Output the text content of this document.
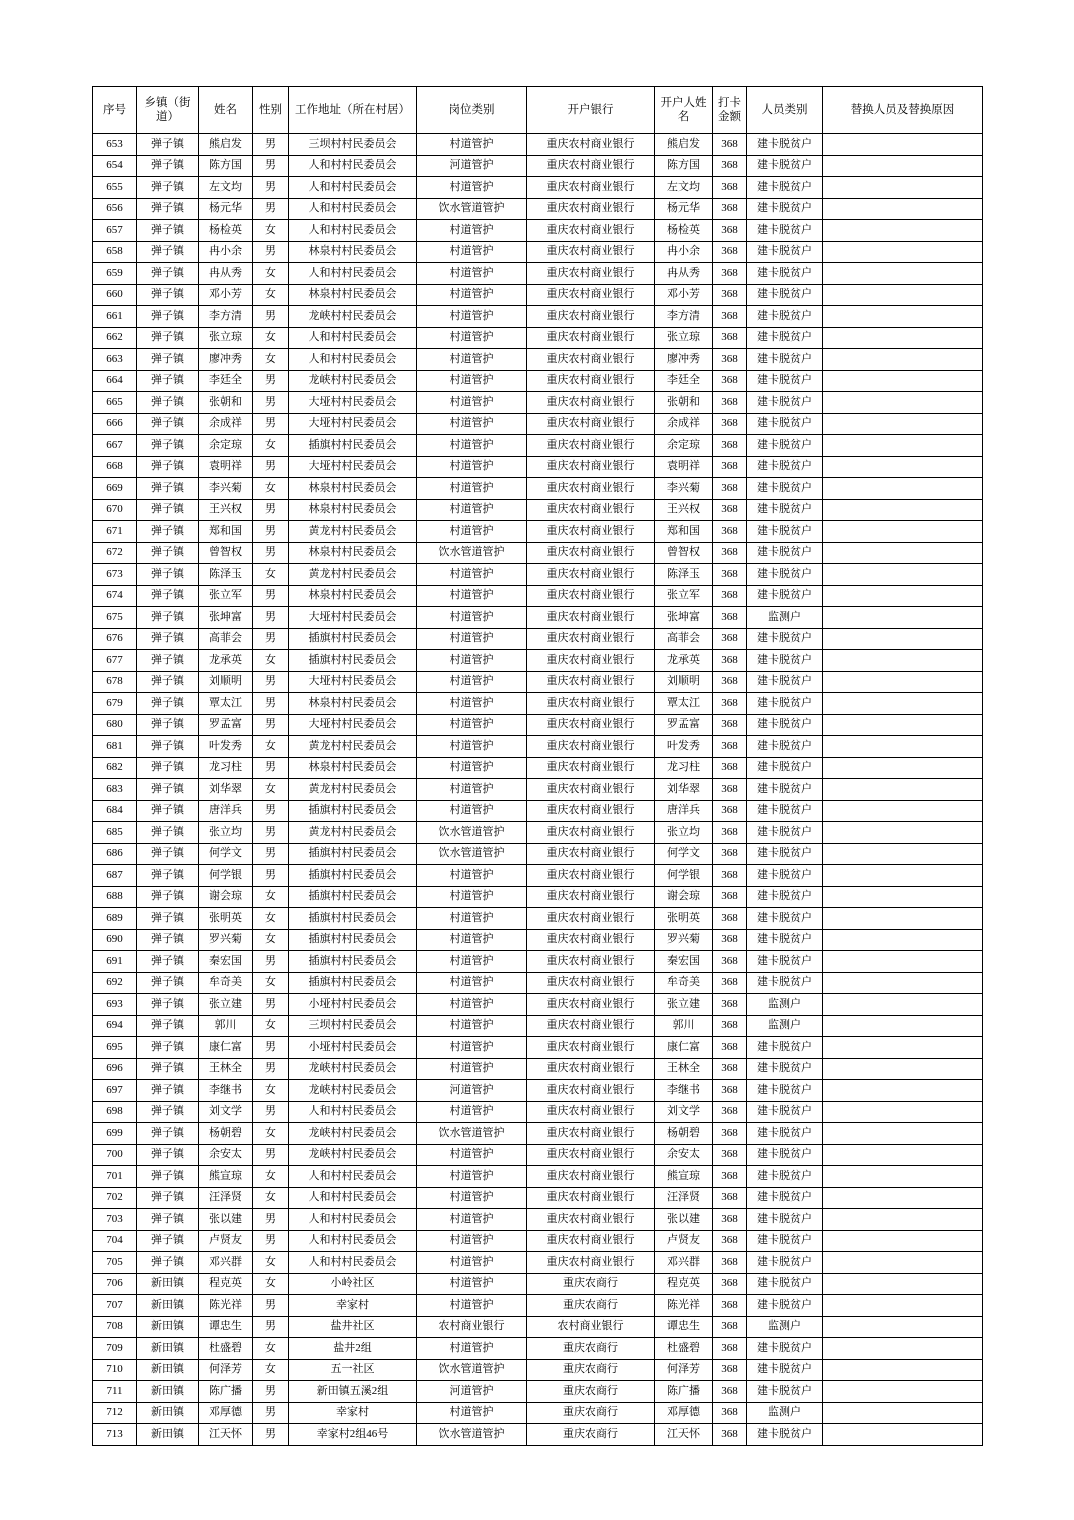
序号	乡镇（街道）	姓名	性别	工作地址（所在村居）	岗位类别	开户银行	开户人姓名	打卡金额	人员类别	替换人员及替换原因
653	弹子镇	熊启发	男	三坝村村民委员会	村道管护	重庆农村商业银行	熊启发	368	建卡脱贫户	
654	弹子镇	陈方国	男	人和村村民委员会	河道管护	重庆农村商业银行	陈方国	368	建卡脱贫户	
655	弹子镇	左文均	男	人和村村民委员会	村道管护	重庆农村商业银行	左文均	368	建卡脱贫户	
656	弹子镇	杨元华	男	人和村村民委员会	饮水管道管护	重庆农村商业银行	杨元华	368	建卡脱贫户	
657	弹子镇	杨检英	女	人和村村民委员会	村道管护	重庆农村商业银行	杨检英	368	建卡脱贫户	
658	弹子镇	冉小余	男	林泉村村民委员会	村道管护	重庆农村商业银行	冉小余	368	建卡脱贫户	
659	弹子镇	冉从秀	女	人和村村民委员会	村道管护	重庆农村商业银行	冉从秀	368	建卡脱贫户	
660	弹子镇	邓小芳	女	林泉村村民委员会	村道管护	重庆农村商业银行	邓小芳	368	建卡脱贫户	
661	弹子镇	李方清	男	龙峡村村民委员会	村道管护	重庆农村商业银行	李方清	368	建卡脱贫户	
662	弹子镇	张立琼	女	人和村村民委员会	村道管护	重庆农村商业银行	张立琼	368	建卡脱贫户	
663	弹子镇	廖冲秀	女	人和村村民委员会	村道管护	重庆农村商业银行	廖冲秀	368	建卡脱贫户	
664	弹子镇	李廷全	男	龙峡村村民委员会	村道管护	重庆农村商业银行	李廷全	368	建卡脱贫户	
665	弹子镇	张朝和	男	大垭村村民委员会	村道管护	重庆农村商业银行	张朝和	368	建卡脱贫户	
666	弹子镇	余成祥	男	大垭村村民委员会	村道管护	重庆农村商业银行	余成祥	368	建卡脱贫户	
667	弹子镇	余定琼	女	插旗村村民委员会	村道管护	重庆农村商业银行	余定琼	368	建卡脱贫户	
668	弹子镇	袁明祥	男	大垭村村民委员会	村道管护	重庆农村商业银行	袁明祥	368	建卡脱贫户	
669	弹子镇	李兴菊	女	林泉村村民委员会	村道管护	重庆农村商业银行	李兴菊	368	建卡脱贫户	
670	弹子镇	王兴权	男	林泉村村民委员会	村道管护	重庆农村商业银行	王兴权	368	建卡脱贫户	
671	弹子镇	郑和国	男	黄龙村村民委员会	村道管护	重庆农村商业银行	郑和国	368	建卡脱贫户	
672	弹子镇	曾智权	男	林泉村村民委员会	饮水管道管护	重庆农村商业银行	曾智权	368	建卡脱贫户	
673	弹子镇	陈泽玉	女	黄龙村村民委员会	村道管护	重庆农村商业银行	陈泽玉	368	建卡脱贫户	
674	弹子镇	张立军	男	林泉村村民委员会	村道管护	重庆农村商业银行	张立军	368	建卡脱贫户	
675	弹子镇	张坤富	男	大垭村村民委员会	村道管护	重庆农村商业银行	张坤富	368	监测户	
676	弹子镇	高菲会	男	插旗村村民委员会	村道管护	重庆农村商业银行	高菲会	368	建卡脱贫户	
677	弹子镇	龙承英	女	插旗村村民委员会	村道管护	重庆农村商业银行	龙承英	368	建卡脱贫户	
678	弹子镇	刘顺明	男	大垭村村民委员会	村道管护	重庆农村商业银行	刘顺明	368	建卡脱贫户	
679	弹子镇	覃太江	男	林泉村村民委员会	村道管护	重庆农村商业银行	覃太江	368	建卡脱贫户	
680	弹子镇	罗孟富	男	大垭村村民委员会	村道管护	重庆农村商业银行	罗孟富	368	建卡脱贫户	
681	弹子镇	叶发秀	女	黄龙村村民委员会	村道管护	重庆农村商业银行	叶发秀	368	建卡脱贫户	
682	弹子镇	龙习柱	男	林泉村村民委员会	村道管护	重庆农村商业银行	龙习柱	368	建卡脱贫户	
683	弹子镇	刘华翠	女	黄龙村村民委员会	村道管护	重庆农村商业银行	刘华翠	368	建卡脱贫户	
684	弹子镇	唐洋兵	男	插旗村村民委员会	村道管护	重庆农村商业银行	唐洋兵	368	建卡脱贫户	
685	弹子镇	张立均	男	黄龙村村民委员会	饮水管道管护	重庆农村商业银行	张立均	368	建卡脱贫户	
686	弹子镇	何学文	男	插旗村村民委员会	饮水管道管护	重庆农村商业银行	何学文	368	建卡脱贫户	
687	弹子镇	何学银	男	插旗村村民委员会	村道管护	重庆农村商业银行	何学银	368	建卡脱贫户	
688	弹子镇	谢会琼	女	插旗村村民委员会	村道管护	重庆农村商业银行	谢会琼	368	建卡脱贫户	
689	弹子镇	张明英	女	插旗村村民委员会	村道管护	重庆农村商业银行	张明英	368	建卡脱贫户	
690	弹子镇	罗兴菊	女	插旗村村民委员会	村道管护	重庆农村商业银行	罗兴菊	368	建卡脱贫户	
691	弹子镇	秦宏国	男	插旗村村民委员会	村道管护	重庆农村商业银行	秦宏国	368	建卡脱贫户	
692	弹子镇	牟奇美	女	插旗村村民委员会	村道管护	重庆农村商业银行	牟奇美	368	建卡脱贫户	
693	弹子镇	张立建	男	小垭村村民委员会	村道管护	重庆农村商业银行	张立建	368	监测户	
694	弹子镇	郭川	女	三坝村村民委员会	村道管护	重庆农村商业银行	郭川	368	监测户	
695	弹子镇	康仁富	男	小垭村村民委员会	村道管护	重庆农村商业银行	康仁富	368	建卡脱贫户	
696	弹子镇	王林全	男	龙峡村村民委员会	村道管护	重庆农村商业银行	王林全	368	建卡脱贫户	
697	弹子镇	李继书	女	龙峡村村民委员会	河道管护	重庆农村商业银行	李继书	368	建卡脱贫户	
698	弹子镇	刘文学	男	人和村村民委员会	村道管护	重庆农村商业银行	刘文学	368	建卡脱贫户	
699	弹子镇	杨朝碧	女	龙峡村村民委员会	饮水管道管护	重庆农村商业银行	杨朝碧	368	建卡脱贫户	
700	弹子镇	余安太	男	龙峡村村民委员会	村道管护	重庆农村商业银行	余安太	368	建卡脱贫户	
701	弹子镇	熊宣琼	女	人和村村民委员会	村道管护	重庆农村商业银行	熊宣琼	368	建卡脱贫户	
702	弹子镇	汪泽贤	女	人和村村民委员会	村道管护	重庆农村商业银行	汪泽贤	368	建卡脱贫户	
703	弹子镇	张以建	男	人和村村民委员会	村道管护	重庆农村商业银行	张以建	368	建卡脱贫户	
704	弹子镇	卢贤友	男	人和村村民委员会	村道管护	重庆农村商业银行	卢贤友	368	建卡脱贫户	
705	弹子镇	邓兴群	女	人和村村民委员会	村道管护	重庆农村商业银行	邓兴群	368	建卡脱贫户	
706	新田镇	程克英	女	小岭社区	村道管护	重庆农商行	程克英	368	建卡脱贫户	
707	新田镇	陈光祥	男	幸家村	村道管护	重庆农商行	陈光祥	368	建卡脱贫户	
708	新田镇	谭忠生	男	盐井社区	农村商业银行	农村商业银行	谭忠生	368	监测户	
709	新田镇	杜盛碧	女	盐井2组	村道管护	重庆农商行	杜盛碧	368	建卡脱贫户	
710	新田镇	何泽芳	女	五一社区	饮水管道管护	重庆农商行	何泽芳	368	建卡脱贫户	
711	新田镇	陈广播	男	新田镇五溪2组	河道管护	重庆农商行	陈广播	368	建卡脱贫户	
712	新田镇	邓厚德	男	幸家村	村道管护	重庆农商行	邓厚德	368	监测户	
713	新田镇	江天怀	男	幸家村2组46号	饮水管道管护	重庆农商行	江天怀	368	建卡脱贫户	
